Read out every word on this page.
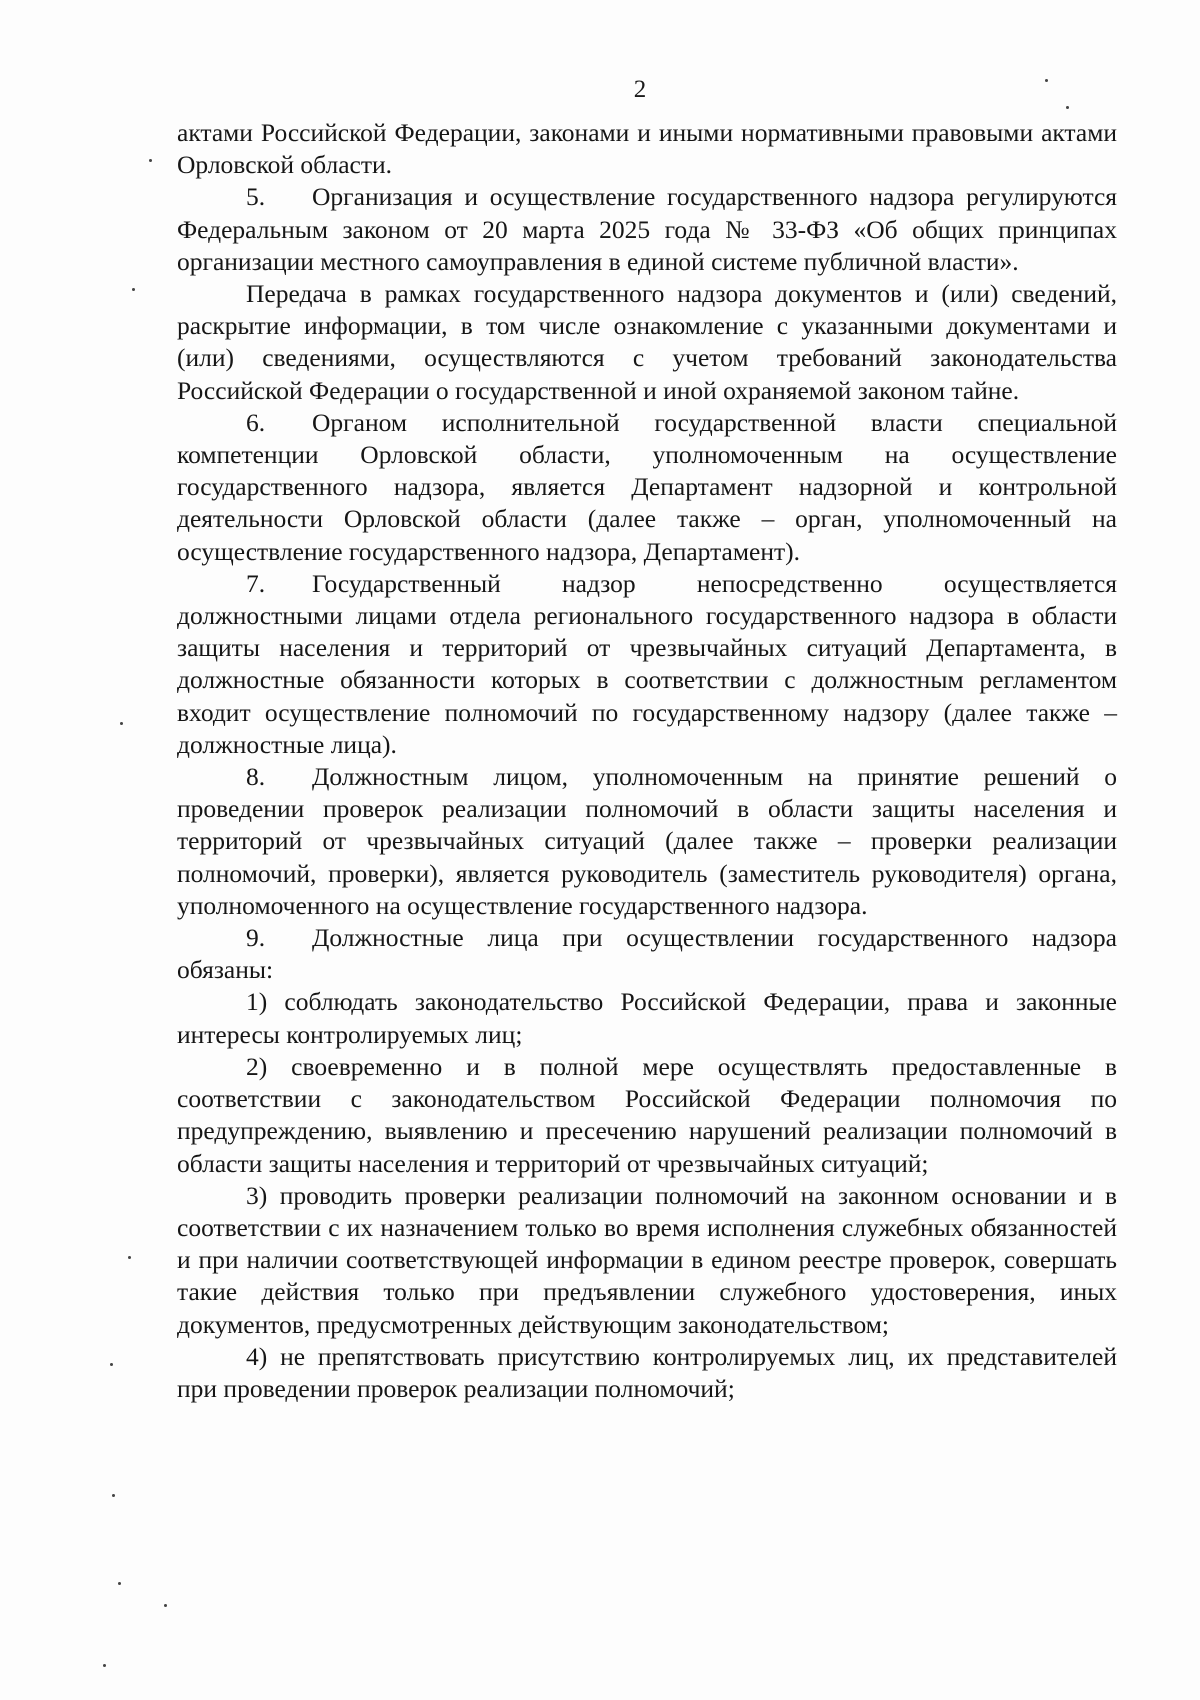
2

актами Российской Федерации, законами и иными нормативными правовыми актами Орловской области.

5. Организация и осуществление государственного надзора регулируются Федеральным законом от 20 марта 2025 года № 33-ФЗ «Об общих принципах организации местного самоуправления в единой системе публичной власти».

Передача в рамках государственного надзора документов и (или) сведений, раскрытие информации, в том числе ознакомление с указанными документами и (или) сведениями, осуществляются с учетом требований законодательства Российской Федерации о государственной и иной охраняемой законом тайне.

6. Органом исполнительной государственной власти специальной компетенции Орловской области, уполномоченным на осуществление государственного надзора, является Департамент надзорной и контрольной деятельности Орловской области (далее также – орган, уполномоченный на осуществление государственного надзора, Департамент).

7. Государственный надзор непосредственно осуществляется должностными лицами отдела регионального государственного надзора в области защиты населения и территорий от чрезвычайных ситуаций Департамента, в должностные обязанности которых в соответствии с должностным регламентом входит осуществление полномочий по государственному надзору (далее также – должностные лица).

8. Должностным лицом, уполномоченным на принятие решений о проведении проверок реализации полномочий в области защиты населения и территорий от чрезвычайных ситуаций (далее также – проверки реализации полномочий, проверки), является руководитель (заместитель руководителя) органа, уполномоченного на осуществление государственного надзора.

9. Должностные лица при осуществлении государственного надзора обязаны:

1) соблюдать законодательство Российской Федерации, права и законные интересы контролируемых лиц;

2) своевременно и в полной мере осуществлять предоставленные в соответствии с законодательством Российской Федерации полномочия по предупреждению, выявлению и пресечению нарушений реализации полномочий в области защиты населения и территорий от чрезвычайных ситуаций;

3) проводить проверки реализации полномочий на законном основании и в соответствии с их назначением только во время исполнения служебных обязанностей и при наличии соответствующей информации в едином реестре проверок, совершать такие действия только при предъявлении служебного удостоверения, иных документов, предусмотренных действующим законодательством;

4) не препятствовать присутствию контролируемых лиц, их представителей при проведении проверок реализации полномочий;
